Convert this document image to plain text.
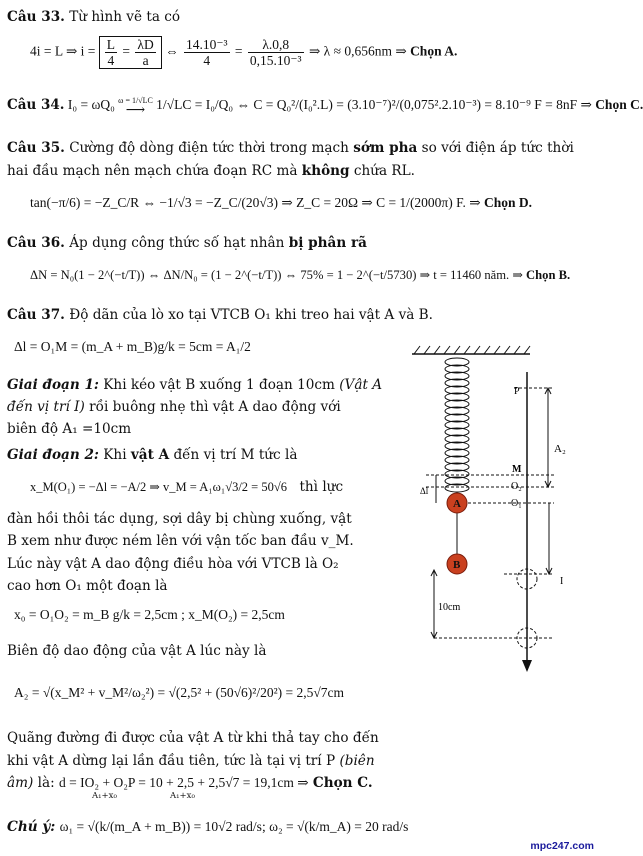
Câu 33. Từ hình vẽ ta có
4i = L ⇒ $i = \frac{L}{4} = \frac{\lambda D}{a}$ ⇔ $\frac{\text{14.10⁻³}}{4} = \frac{\lambda.0,8}{\text{0,15.10⁻³}}$ ⇒ λ ≈ 0,656nm ⇒ Chọn A.
Câu 34. I₀ = ωQ₀ ω = 1/√LC
⟶ 1/√LC = I₀/Q₀ ⇔ C = Q₀²/(I₀².L) = (3.10⁻⁷)²/(0,075².2.10⁻³) = 8.10⁻⁹ F = 8nF ⇒ Chọn C.
Câu 35. Cường độ dòng điện tức thời trong mạch sớm pha so với điện áp tức thời
hai đầu mạch nên mạch chứa đoạn RC mà không chứa RL.
tan(−π/6) = −Z_C/R ⇔ −1/√3 = −Z_C/(20√3) ⇒ Z_C = 20Ω ⇒ C = 1/(2000π) F. ⇒ Chọn D.
Câu 36. Áp dụng công thức số hạt nhân bị phân rã
ΔN = N₀(1 − 2^(−t/T)) ⇔ ΔN/N₀ = (1 − 2^(−t/T)) ⇔ 75% = 1 − 2^(−t/5730) ⇒ t = 11460 năm. ⇒ Chọn B.
Câu 37. Độ dãn của lò xo tại VTCB O₁ khi treo hai vật A và B.
Δl = O₁M = (m_A + m_B)g/k = 5cm = A₁/2
Giai đoạn 1: Khi kéo vật B xuống 1 đoạn 10cm (Vật A
đến vị trí I) rồi buông nhẹ thì vật A dao động với
biên độ A₁ =10cm
Giai đoạn 2: Khi vật A đến vị trí M tức là
x_M(O₁) = −Δl = −A/2 ⇒ v_M = A₁ω₁√3/2 = 50√6 thì lực
đàn hồi thôi tác dụng, sợi dây bị chùng xuống, vật
B xem như được ném lên với vận tốc ban đầu v_M.
Lúc này vật A dao động điều hòa với VTCB là O₂
cao hơn O₁ một đoạn là
x₀ = O₁O₂ = m_B g/k = 2,5cm ; x_M(O₂) = 2,5cm
Biên độ dao động của vật A lúc này là
A₂ = √(x_M² + v_M²/ω₂²) = √(2,5² + (50√6)²/20²) = 2,5√7cm
Quãng đường đi được của vật A từ khi thả tay cho đến
khi vật A dừng lại lần đầu tiên, tức là tại vị trí P (biên
âm) là: d = IO₂ + O₂P = 10 + 2,5 + 2,5√7 = 19,1cm ⇒ Chọn C.
A₁+x₀	A₁+x₀
Chú ý: ω₁ = √(k/(m_A + m_B)) = 10√2 rad/s; ω₂ = √(k/m_A) = 20 rad/s
A
B
P
M
O₂
O₁
A₂
Δl
I
10cm
mpc247.com
